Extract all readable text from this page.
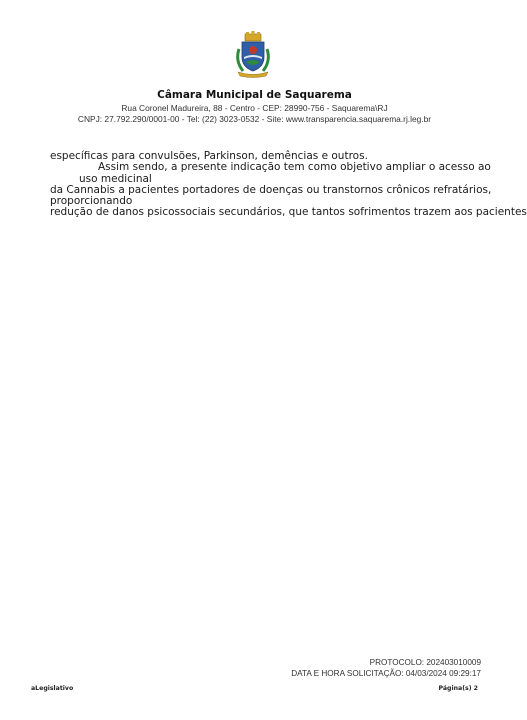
Câmara Municipal de Saquarema
Rua Coronel Madureira, 88 - Centro - CEP: 28990-756 - Saquarema\RJ
CNPJ: 27.792.290/0001-00 - Tel: (22) 3023-0532 - Site: www.transparencia.saquarema.rj.leg.br
específicas para convulsões, Parkinson, demências e outros.
Assim sendo, a presente indicação tem como objetivo ampliar o acesso ao
uso medicinal
da Cannabis a pacientes portadores de doenças ou transtornos crônicos refratários,
proporcionando
redução de danos psicossociais secundários, que tantos sofrimentos trazem aos pacientes
PROTOCOLO: 202403010009
DATA E HORA SOLICITAÇÃO: 04/03/2024 09:29:17
aLegislativo	Página(s) 2
